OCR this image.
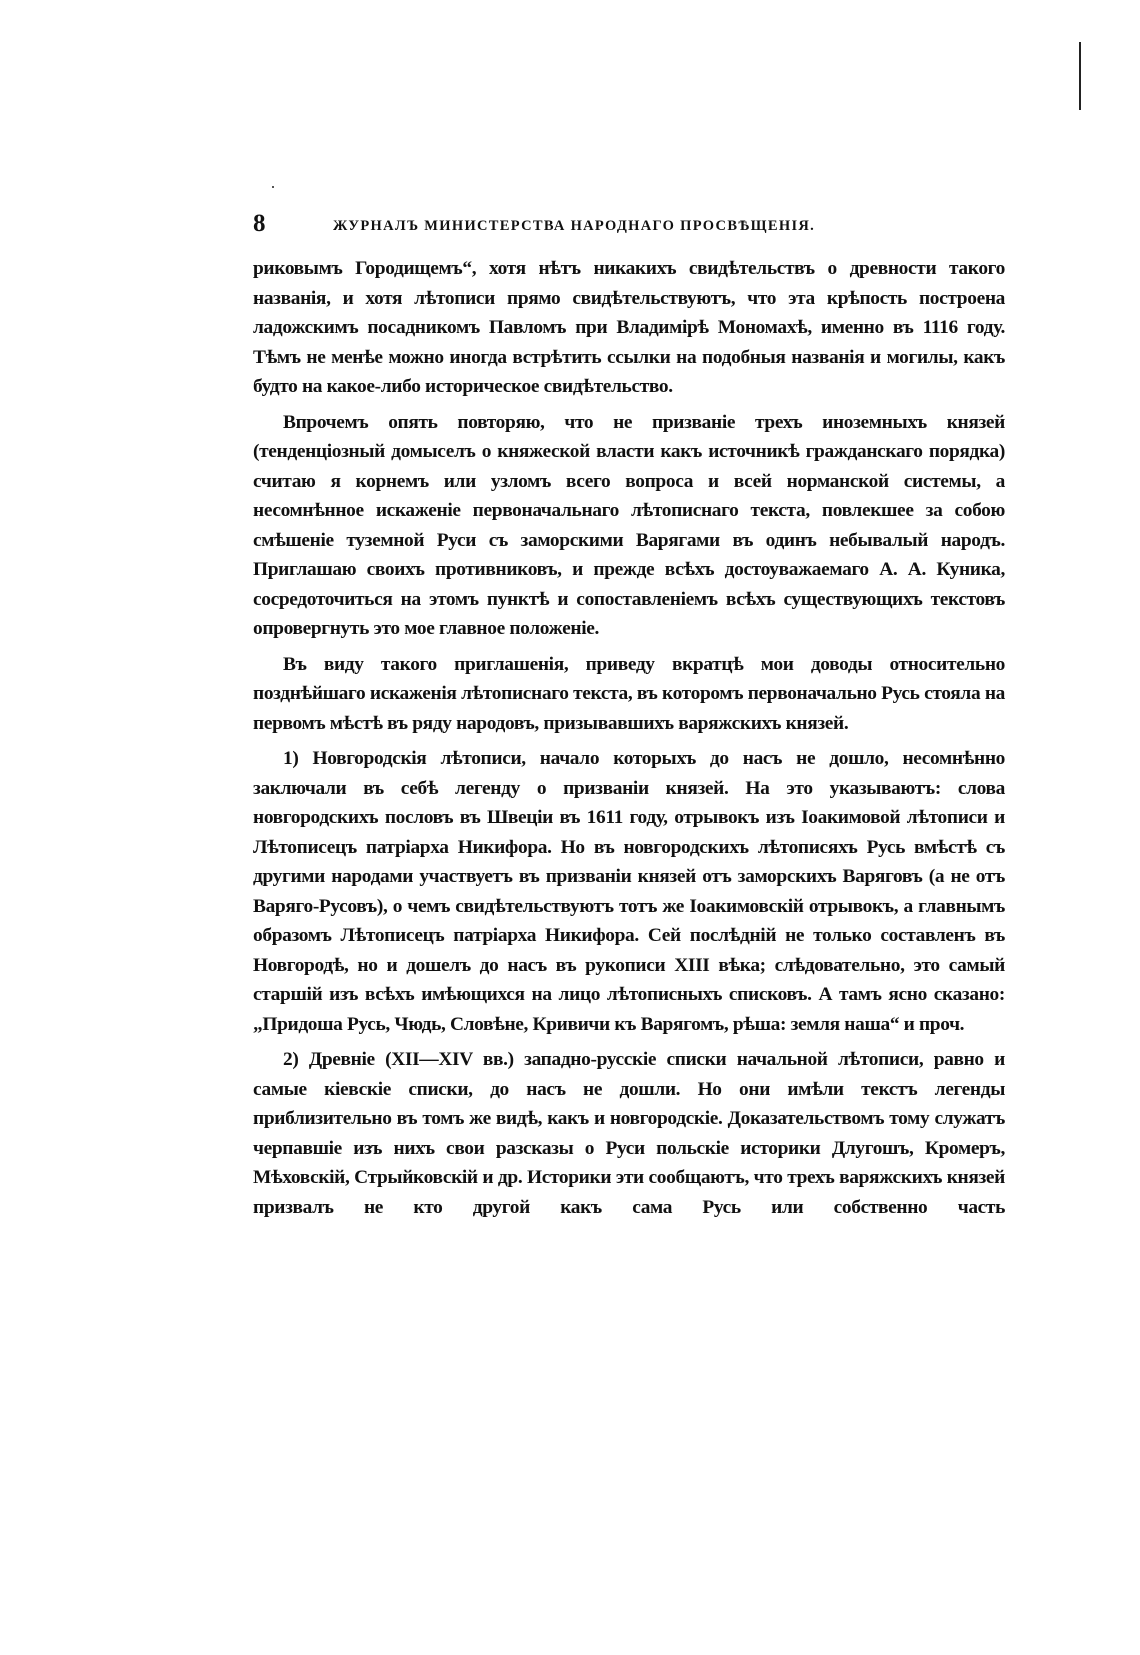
8	ЖУРНАЛЪ МИНИСТЕРСТВА НАРОДНАГО ПРОСВѢЩЕНІЯ.

риковымъ Городищемъ“, хотя нѣтъ никакихъ свидѣтельствъ о древности такого названія, и хотя лѣтописи прямо свидѣтельствуютъ, что эта крѣпость построена ладожскимъ посадникомъ Павломъ при Владимірѣ Мономахѣ, именно въ 1116 году. Тѣмъ не менѣе можно иногда встрѣтить ссылки на подобныя названія и могилы, какъ будто на какое-либо историческое свидѣтельство.

Впрочемъ опять повторяю, что не призваніе трехъ иноземныхъ князей (тенденціозный домыселъ о княжеской власти какъ источникѣ гражданскаго порядка) считаю я корнемъ или узломъ всего вопроса и всей норманской системы, а несомнѣнное искаженіе первоначальнаго лѣтописнаго текста, повлекшее за собою смѣшеніе туземной Руси съ заморскими Варягами въ одинъ небывалый народъ. Приглашаю своихъ противниковъ, и прежде всѣхъ достоуважаемаго А. А. Куника, сосредоточиться на этомъ пунктѣ и сопоставленіемъ всѣхъ существующихъ текстовъ опровергнуть это мое главное положеніе.

Въ виду такого приглашенія, приведу вкратцѣ мои доводы относительно позднѣйшаго искаженія лѣтописнаго текста, въ которомъ первоначально Русь стояла на первомъ мѣстѣ въ ряду народовъ, призывавшихъ варяжскихъ князей.

1) Новгородскія лѣтописи, начало которыхъ до насъ не дошло, несомнѣнно заключали въ себѣ легенду о призваніи князей. На это указываютъ: слова новгородскихъ пословъ въ Швеціи въ 1611 году, отрывокъ изъ Іоакимовой лѣтописи и Лѣтописецъ патріарха Никифора. Но въ новгородскихъ лѣтописяхъ Русь вмѣстѣ съ другими народами участвуетъ въ призваніи князей отъ заморскихъ Варяговъ (а не отъ Варяго-Русовъ), о чемъ свидѣтельствуютъ тотъ же Іоакимовскій отрывокъ, а главнымъ образомъ Лѣтописецъ патріарха Никифора. Сей послѣдній не только составленъ въ Новгородѣ, но и дошелъ до насъ въ рукописи XIII вѣка; слѣдовательно, это самый старшій изъ всѣхъ имѣющихся на лицо лѣтописныхъ списковъ. А тамъ ясно сказано: „Придоша Русь, Чюдь, Словѣне, Кривичи къ Варягомъ, рѣша: земля наша“ и проч.

2) Древніе (XII—XIV вв.) западно-русскіе списки начальной лѣтописи, равно и самые кіевскіе списки, до насъ не дошли. Но они имѣли текстъ легенды приблизительно въ томъ же видѣ, какъ и новгородскіе. Доказательствомъ тому служатъ черпавшіе изъ нихъ свои разсказы о Руси польскіе историки Длугошъ, Кромеръ, Мѣховскій, Стрыйковскій и др. Историки эти сообщаютъ, что трехъ варяжскихъ князей призвалъ не кто другой какъ сама Русь или собственно часть
